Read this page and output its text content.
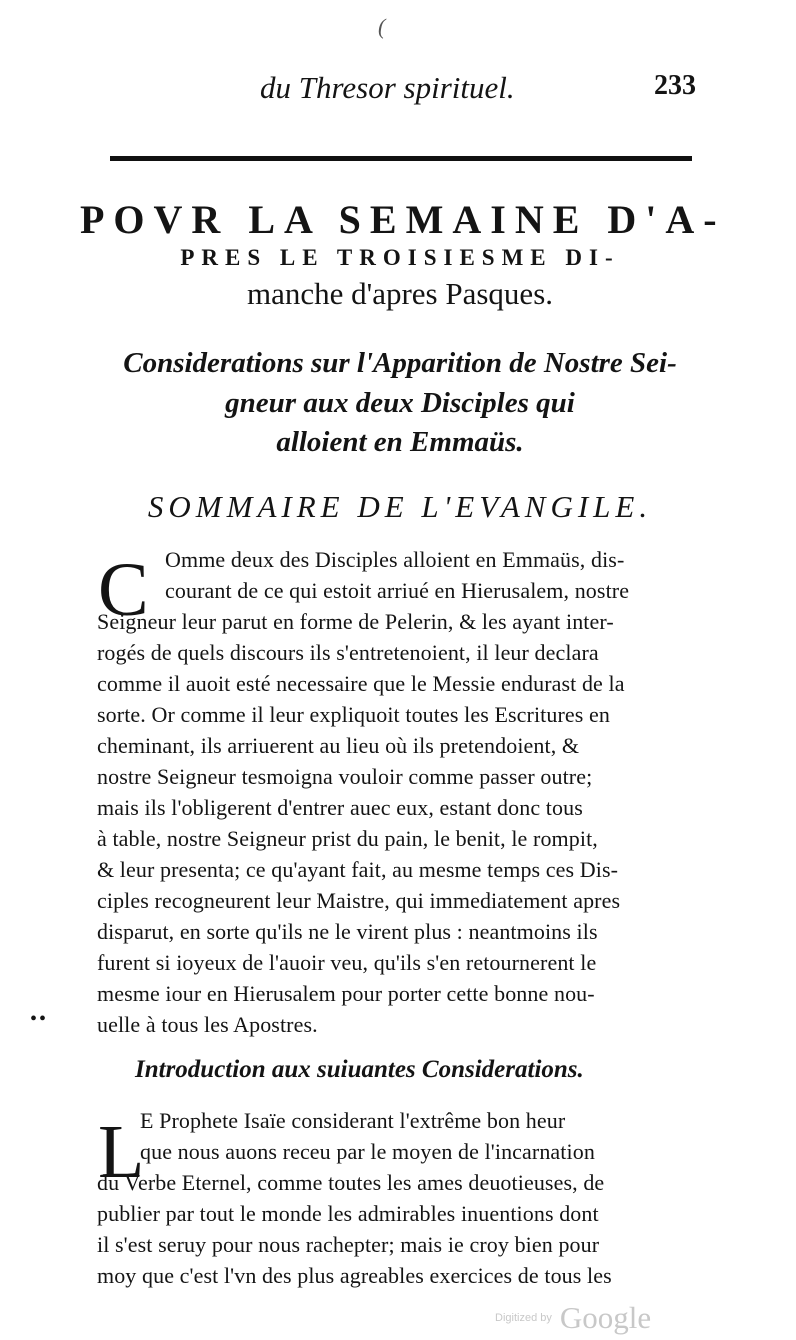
(
du Thresor spirituel.	233
POVR LA SEMAINE D'A-
PRES LE TROISIESME DI-
manche d'apres Pasques.
Considerations sur l'Apparition de Nostre Sei-
gneur aux deux Disciples qui
alloient en Emmaüs.
SOMMAIRE DE L'EVANGILE.
C Omme deux des Disciples alloient en Emmaüs, dis-
courant de ce qui estoit arriué en Hierusalem, nostre
Seigneur leur parut en forme de Pelerin, & les ayant inter-
rogés de quels discours ils s'entretenoient, il leur declara
comme il auoit esté necessaire que le Messie endurast de la
sorte. Or comme il leur expliquoit toutes les Escritures en
cheminant, ils arriuerent au lieu où ils pretendoient, &
nostre Seigneur tesmoigna vouloir comme passer outre;
mais ils l'obligerent d'entrer auec eux, estant donc tous
à table, nostre Seigneur prist du pain, le benit, le rompit,
& leur presenta; ce qu'ayant fait, au mesme temps ces Dis-
ciples recogneurent leur Maistre, qui immediatement apres
disparut, en sorte qu'ils ne le virent plus : neantmoins ils
furent si ioyeux de l'auoir veu, qu'ils s'en retournerent le
mesme iour en Hierusalem pour porter cette bonne nou-
uelle à tous les Apostres.
••
Introduction aux suiuantes Considerations.
L
E Prophete Isaïe considerant l'extrême bon heur
que nous auons receu par le moyen de l'incarnation
du Verbe Eternel, comme toutes les ames deuotieuses, de
publier par tout le monde les admirables inuentions dont
il s'est seruy pour nous rachepter; mais ie croy bien pour
moy que c'est l'vn des plus agreables exercices de tous les
Digitized by Google
